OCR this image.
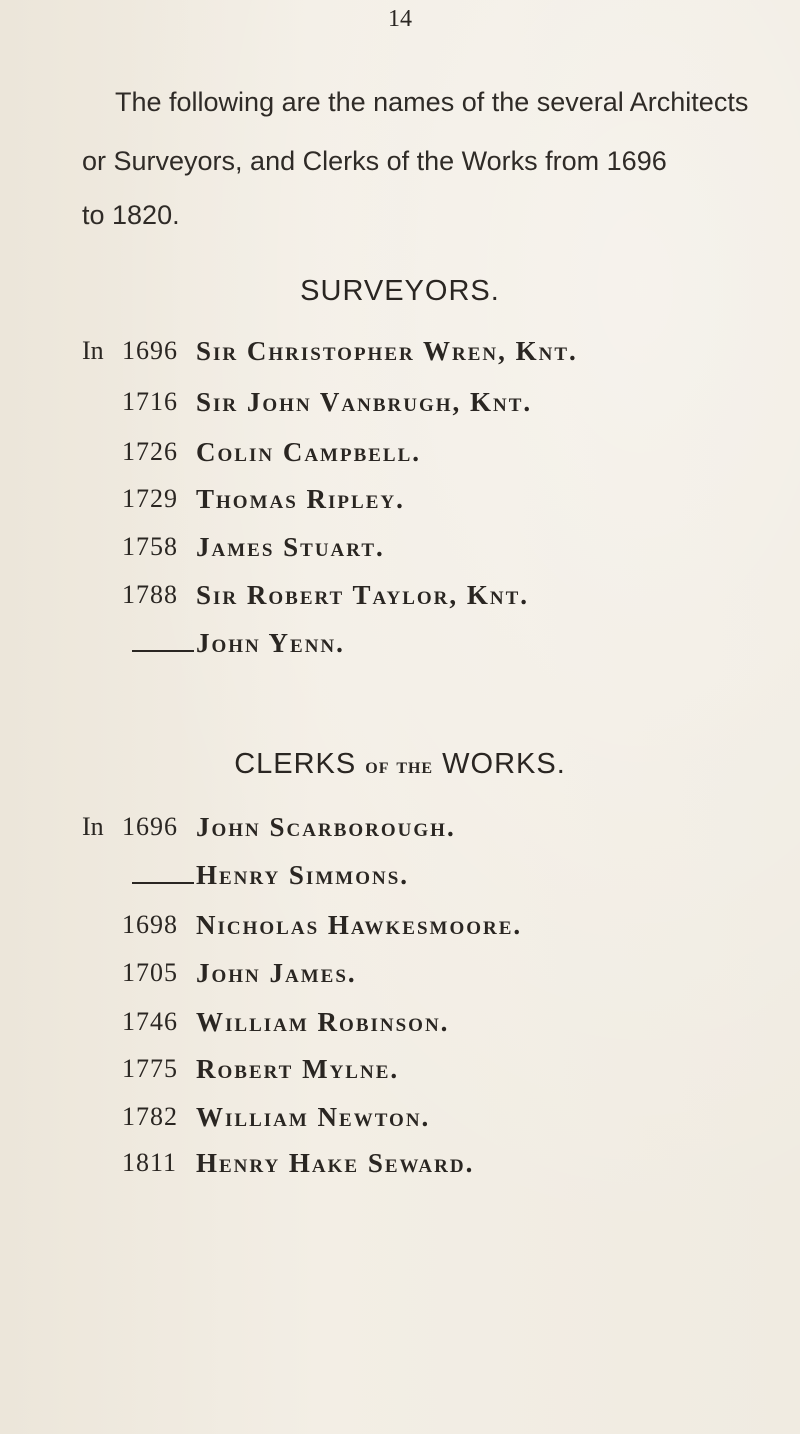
14
The following are the names of the several Architects
or Surveyors, and Clerks of the Works from 1696
to 1820.
SURVEYORS.
In 1696 Sir Christopher Wren, Knt.
1716 Sir John Vanbrugh, Knt.
1726 Colin Campbell.
1729 Thomas Ripley.
1758 James Stuart.
1788 Sir Robert Taylor, Knt.
John Yenn.
CLERKS of the WORKS.
In 1696 John Scarborough.
Henry Simmons.
1698 Nicholas Hawkesmoore.
1705 John James.
1746 William Robinson.
1775 Robert Mylne.
1782 William Newton.
1811 Henry Hake Seward.
